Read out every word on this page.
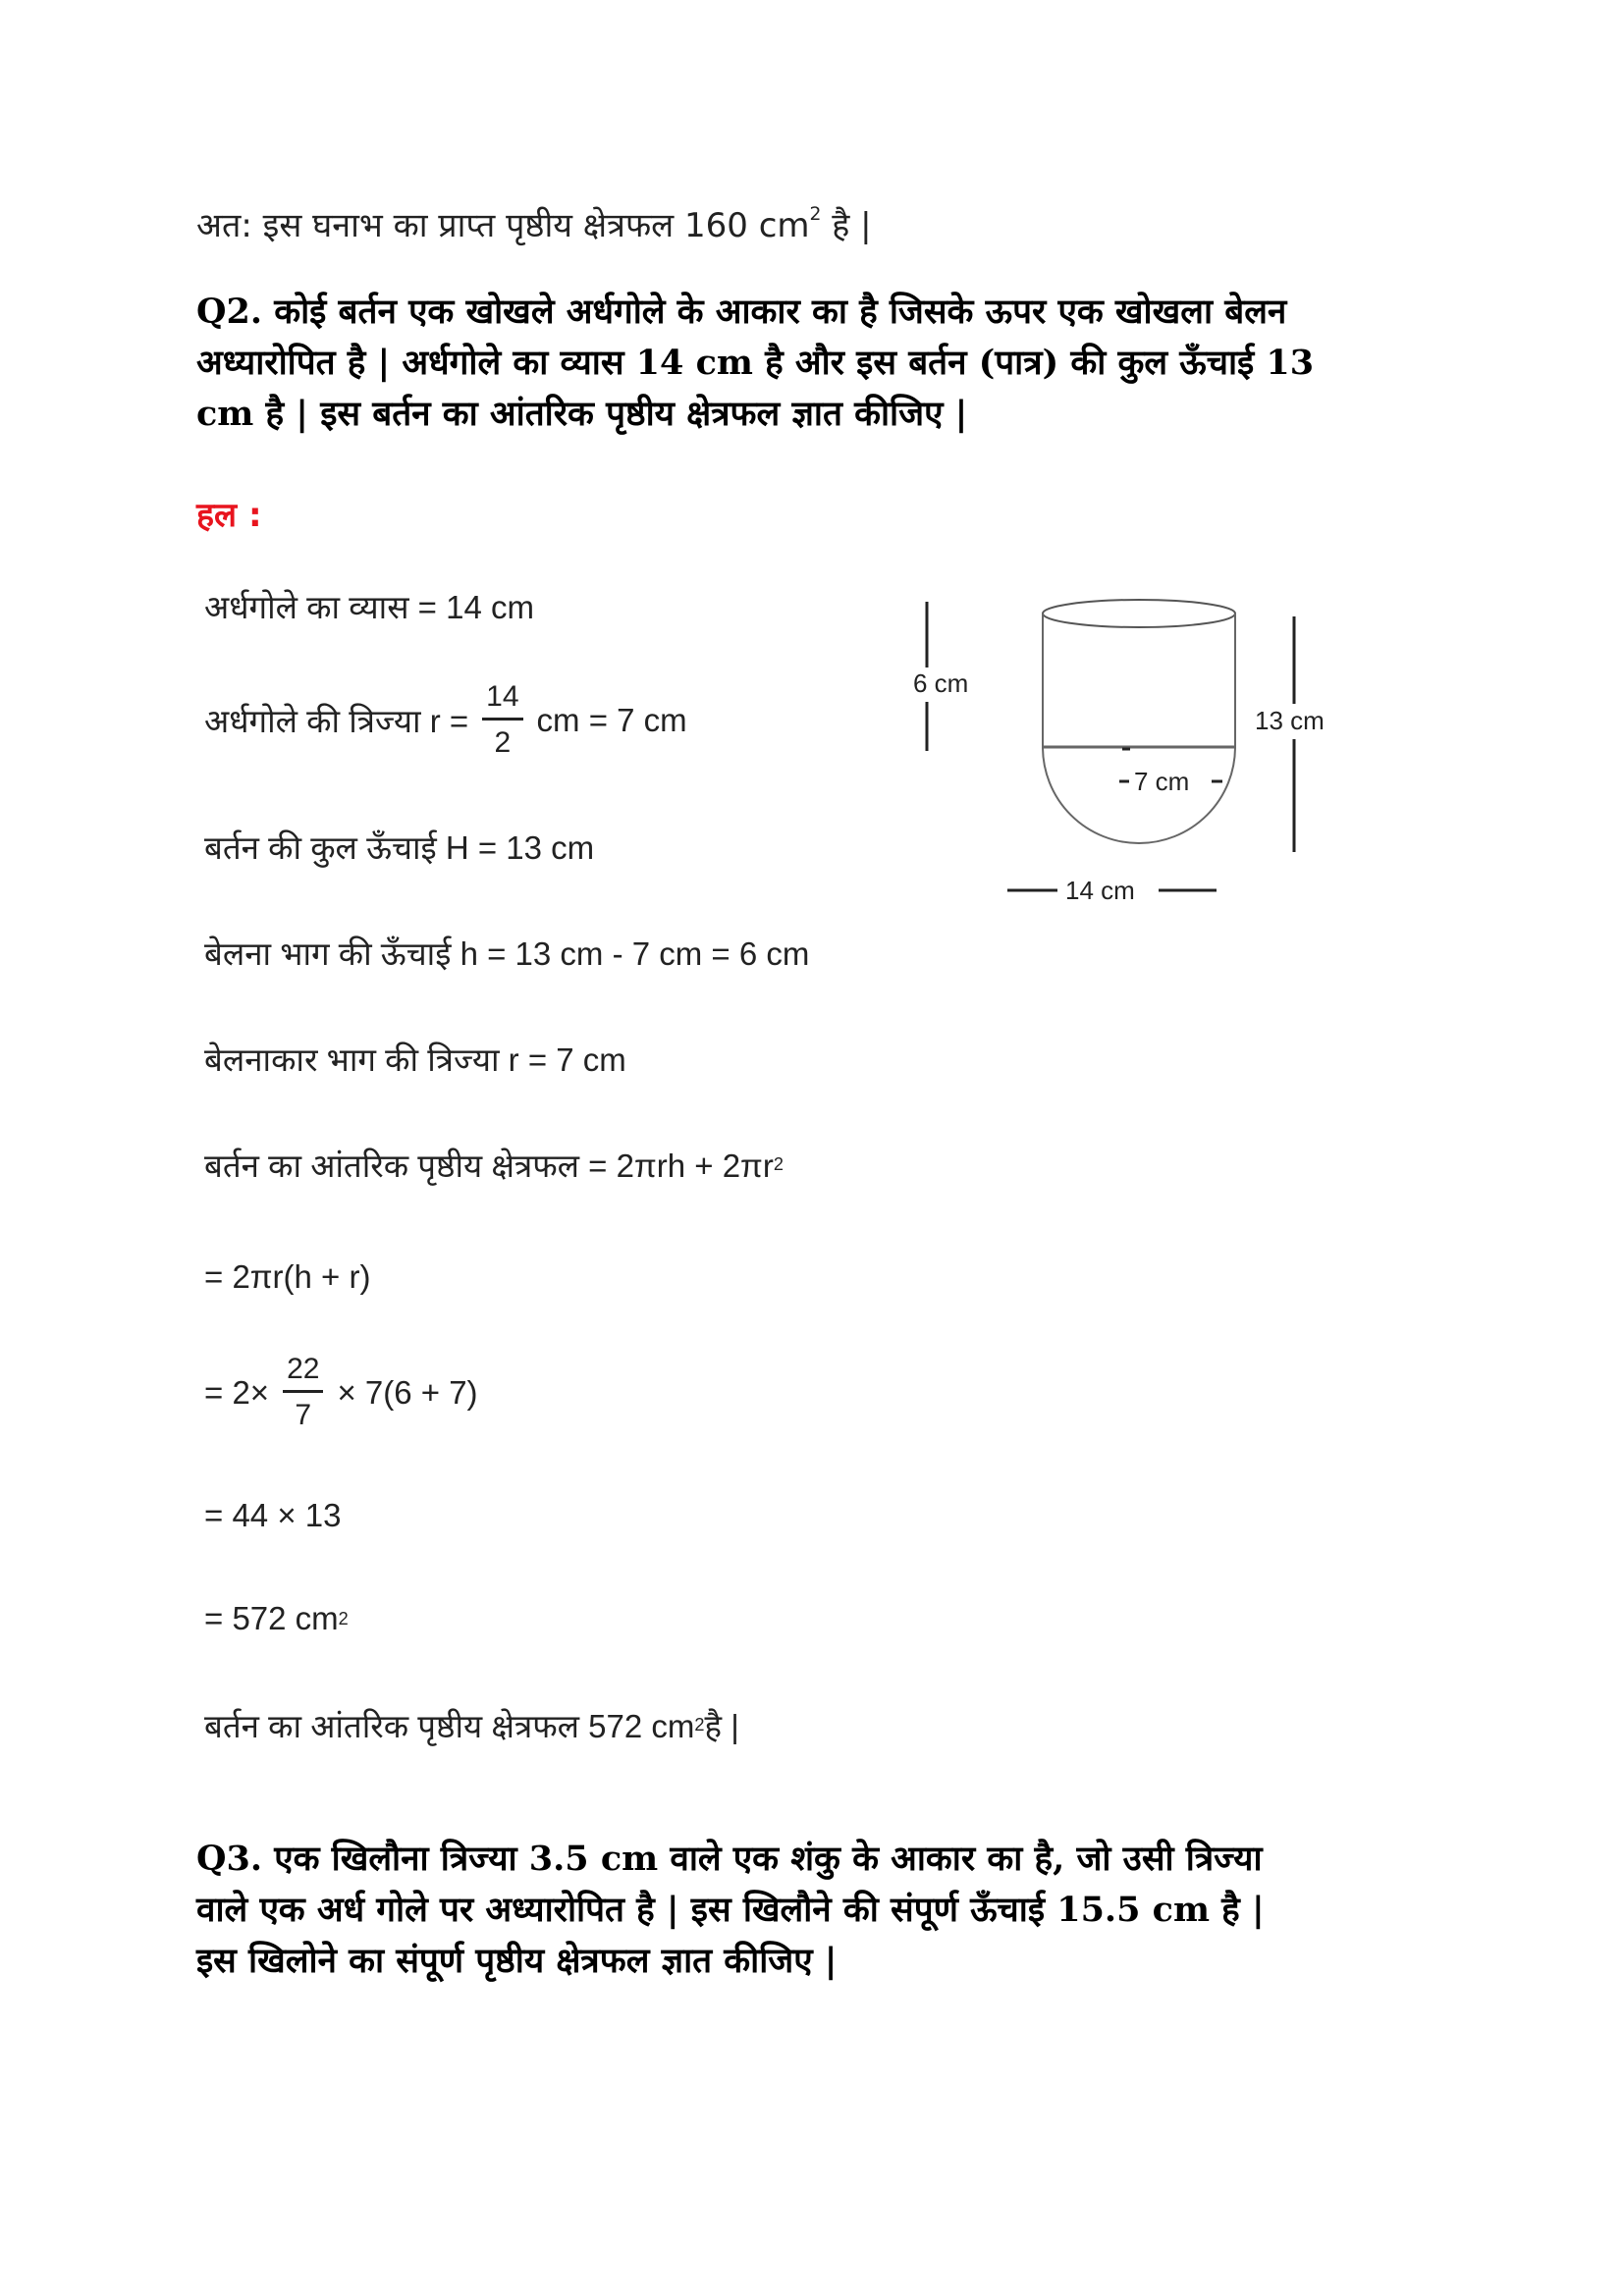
अत: इस घनाभ का प्राप्त पृष्ठीय क्षेत्रफल 160 $cm^2$ है |
Q2. कोई बर्तन एक खोखले अर्धगोले के आकार का है जिसके ऊपर एक खोखला बेलन
अध्यारोपित है | अर्धगोले का व्यास 14 cm है और इस बर्तन (पात्र) की कुल ऊँचाई 13
cm है | इस बर्तन का आंतरिक पृष्ठीय क्षेत्रफल ज्ञात कीजिए |
हल :
अर्धगोले का व्यास = 14 cm
अर्धगोले की त्रिज्या $r = \frac{14}{2}$ cm = 7 cm
बर्तन की कुल ऊँचाई H = 13 cm
बेलना भाग की ऊँचाई h = 13 cm - 7 cm = 6 cm
बेलनाकार भाग की त्रिज्या r = 7 cm
बर्तन का आंतरिक पृष्ठीय क्षेत्रफल = 2πrh + 2πr 2
= 2πr(h + r)
= $2\times \frac{22}{7} \times 7(6 + 7)$
= 44 × 13
= 572 cm 2
बर्तन का आंतरिक पृष्ठीय क्षेत्रफल 572 cm 2 है |
6 cm
7 cm
13 cm
14 cm
Q3. एक खिलौना त्रिज्या 3.5 cm वाले एक शंकु के आकार का है, जो उसी त्रिज्या
वाले एक अर्ध गोले पर अध्यारोपित है | इस खिलौने की संपूर्ण ऊँचाई 15.5 cm है |
इस खिलोने का संपूर्ण पृष्ठीय क्षेत्रफल ज्ञात कीजिए |
